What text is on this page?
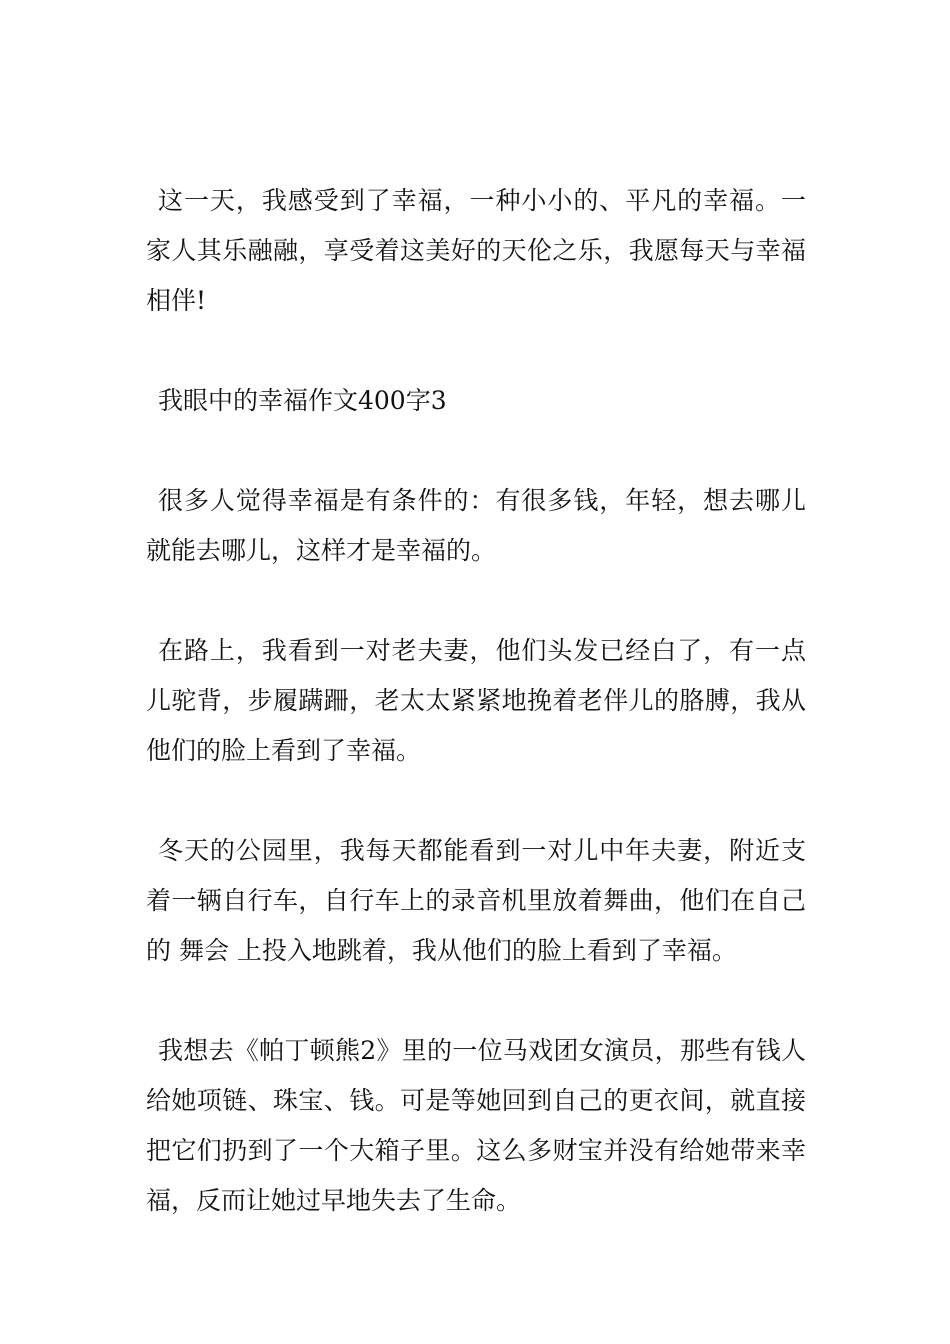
这一天，我感受到了幸福，一种小小的、平凡的幸福。一家人其乐融融，享受着这美好的天伦之乐，我愿每天与幸福相伴!

我眼中的幸福作文400字3

很多人觉得幸福是有条件的：有很多钱，年轻，想去哪儿就能去哪儿，这样才是幸福的。

在路上，我看到一对老夫妻，他们头发已经白了，有一点儿驼背，步履蹒跚，老太太紧紧地挽着老伴儿的胳膊，我从他们的脸上看到了幸福。

冬天的公园里，我每天都能看到一对儿中年夫妻，附近支着一辆自行车，自行车上的录音机里放着舞曲，他们在自己的 舞会 上投入地跳着，我从他们的脸上看到了幸福。

我想去《帕丁顿熊2》里的一位马戏团女演员，那些有钱人给她项链、珠宝、钱。可是等她回到自己的更衣间，就直接把它们扔到了一个大箱子里。这么多财宝并没有给她带来幸福，反而让她过早地失去了生命。
